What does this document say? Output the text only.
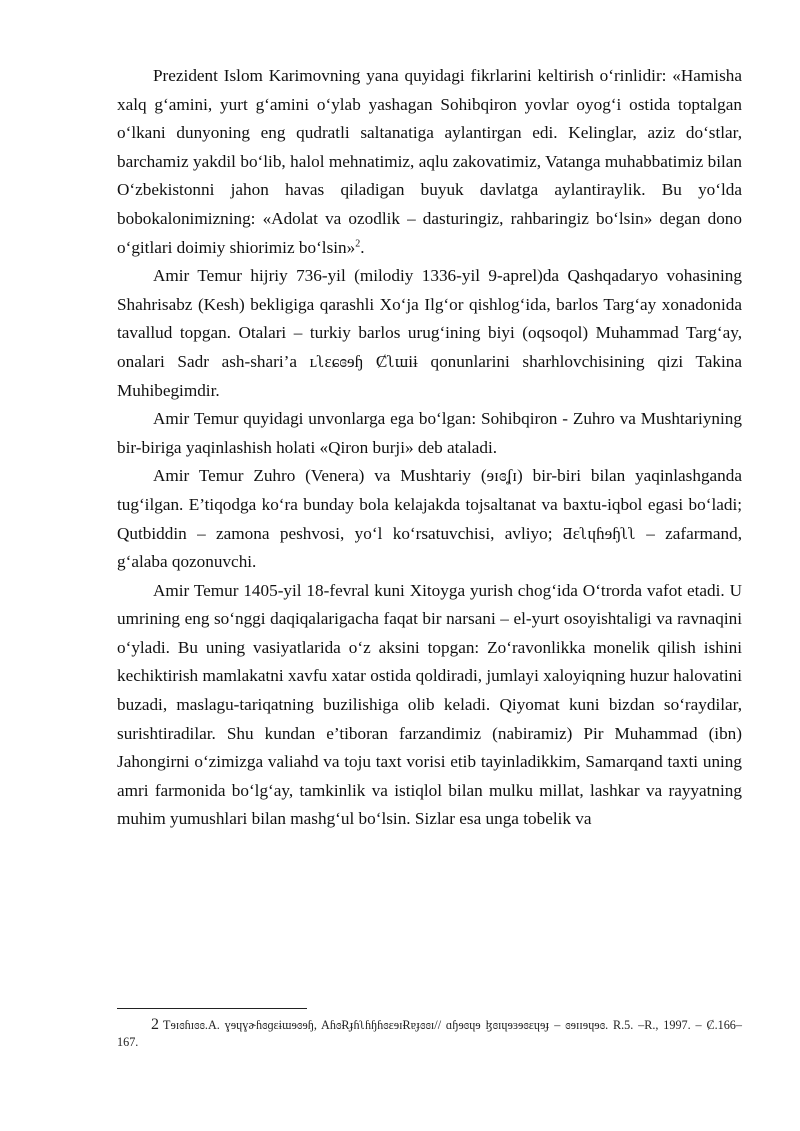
Prezident Islom Karimovning yana quyidagi fikrlarini keltirish o‘rinlidir: «Hamisha xalq g‘amini, yurt g‘amini o‘ylab yashagan Sohibqiron yovlar oyog‘i ostida toptalgan o‘lkani dunyoning eng qudratli saltanatiga aylantirgan edi. Kelinglar, aziz do‘stlar, barchamiz yakdil bo‘lib, halol mehnatimiz, aqlu zakovatimiz, Vatanga muhabbatimiz bilan O‘zbekistonni jahon havas qiladigan buyuk davlatga aylantiraylik. Bu yo‘lda bobokalonimizning: «Adolat va ozodlik – dasturingiz, rahbaringiz bo‘lsin» degan dono o‘gitlari doimiy shiorimiz bo‘lsin»$^2$.

Amir Temur hijriy 736-yil (milodiy 1336-yil 9-aprel)da Qashqadaryo vohasining Shahrisabz (Kesh) bekligiga qarashli Xo‘ja Ilg‘or qishlog‘ida, barlos Targ‘ay xonadonida tavallud topgan. Otalari – turkiy barlos urug‘ining biyi (oqsoqol) Muhammad Targ‘ay, onalari Sadr ash-shari’a ʟʅɛɕɞɘɧ Ȼʅɯiɨ qonunlarini sharhlovchisining qizi Takina Muhibegimdir.

Amir Temur quyidagi unvonlarga ega bo‘lgan: Sohibqiron - Zuhro va Mushtariyning bir-biriga yaqinlashish holati «Qiron burji» deb ataladi.

Amir Temur Zuhro (Venera) va Mushtariy (ɘɪɞʆɪ) bir-biri bilan yaqinlashganda tug‘ilgan. E’tiqodga ko‘ra bunday bola kelajakda tojsaltanat va baxtu-iqbol egasi bo‘ladi; Qutbiddin – zamona peshvosi, yo‘l ko‘rsatuvchisi, avliyo; Ƌɛʅɥɦɘɧʅʅ – zafarmand, g‘alaba qozonuvchi.

Amir Temur 1405-yil 18-fevral kuni Xitoyga yurish chog‘ida O‘trorda vafot etadi. U umrining eng so‘nggi daqiqalarigacha faqat bir narsani – el-yurt osoyishtaligi va ravnaqini o‘yladi. Bu uning vasiyatlarida o‘z aksini topgan: Zo‘ravonlikka monelik qilish ishini kechiktirish mamlakatni xavfu xatar ostida qoldiradi, jumlayi xaloyiqning huzur halovatini buzadi, maslagu-tariqatning buzilishiga olib keladi. Qiyomat kuni bizdan so‘raydilar, surishtiradilar. Shu kundan e’tiboran farzandimiz (nabiramiz) Pir Muhammad (ibn) Jahongirni o‘zimizga valiahd va toju taxt vorisi etib tayinladikkim, Samarqand taxti uning amri farmonida bo‘lg‘ay, tamkinlik va istiqlol bilan mulku millat, lashkar va rayyatning muhim yumushlari bilan mashg‘ul bo‘lsin. Sizlar esa unga tobelik va

2 Ƭɘɪɞɦɪɞɞ.A. ɣɘɥɣɚɦɞɡɛɨɯɘɞɘɧ, AɦɞɌɟɦʅɦɧɦɞɛɘɪɌɐɟɞɞɪ// ɑɧɘɞɥɘ ɮɞɪɥɘɜɘɞɛɥɘɟ – ɞɘɪɪɘɥɘɞ. R.5. –R., 1997. – Ȼ.166–167.
